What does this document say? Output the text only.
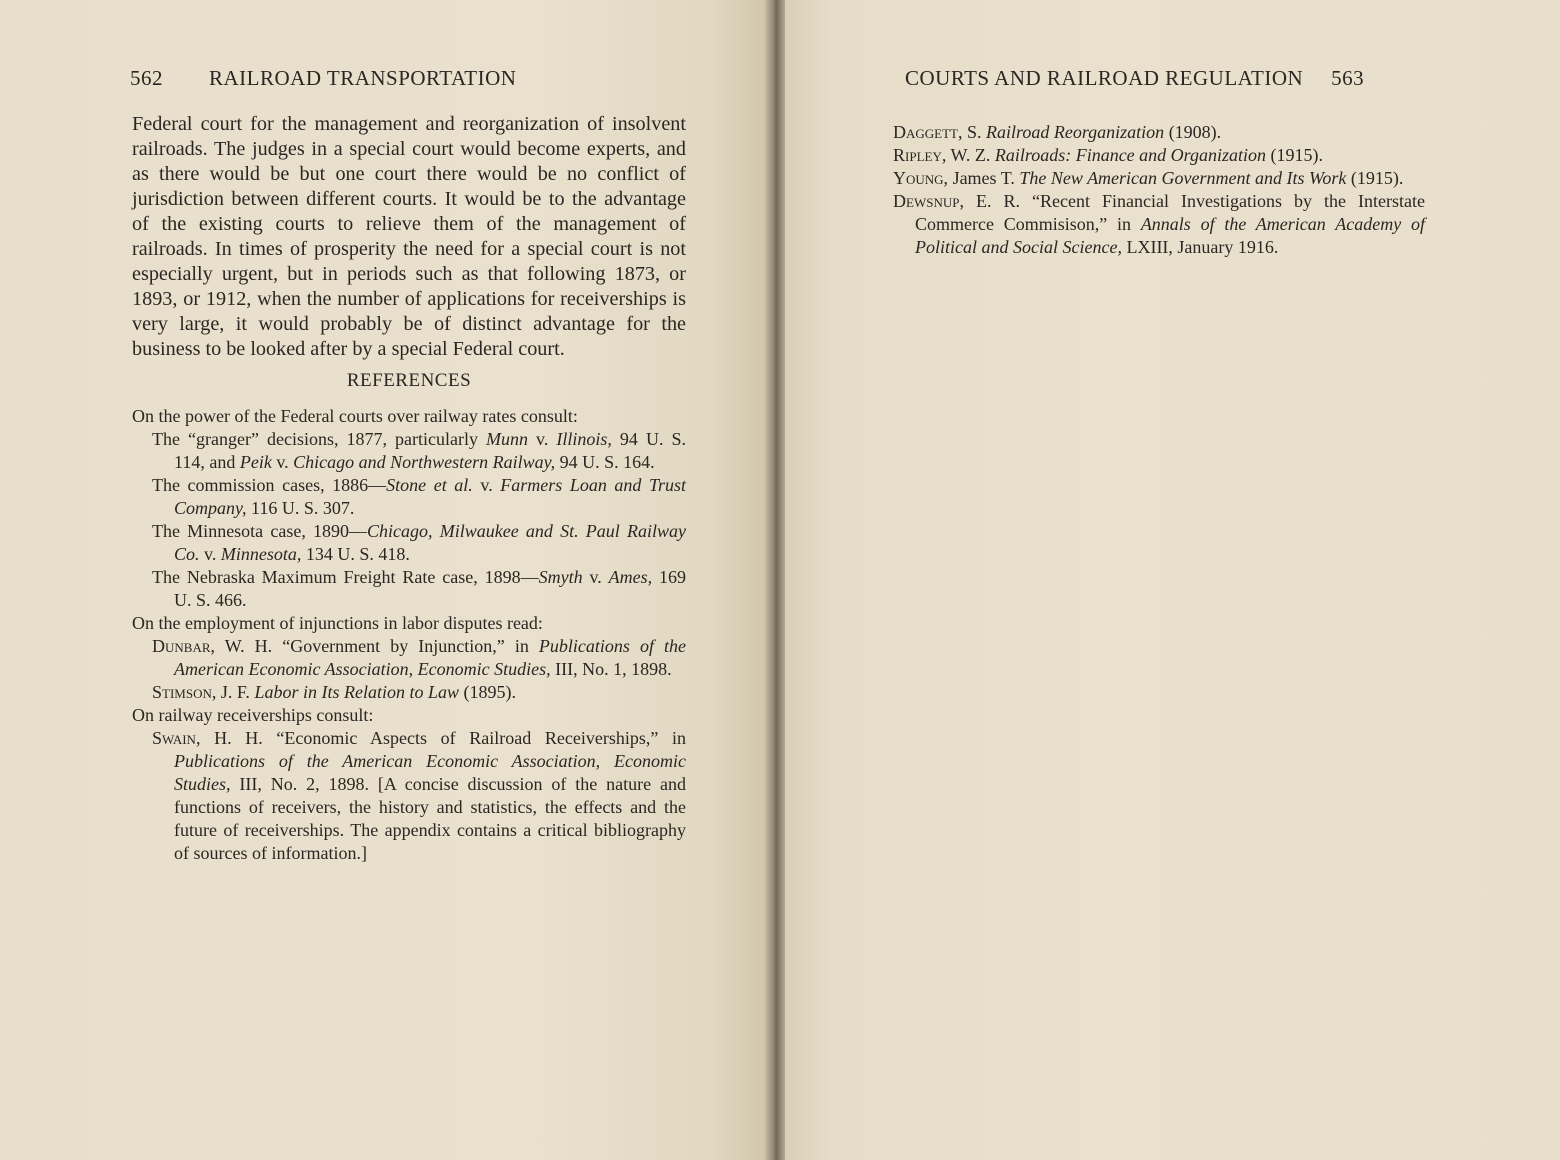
562 RAILROAD TRANSPORTATION

Federal court for the management and reorganization of insolvent railroads. The judges in a special court would become experts, and as there would be but one court there would be no conflict of jurisdiction between different courts. It would be to the advantage of the existing courts to relieve them of the management of railroads. In times of prosperity the need for a special court is not especially urgent, but in periods such as that following 1873, or 1893, or 1912, when the number of applications for receiverships is very large, it would probably be of distinct advantage for the business to be looked after by a special Federal court.

REFERENCES

On the power of the Federal courts over railway rates consult:

The “granger” decisions, 1877, particularly Munn v. Illinois, 94 U. S. 114, and Peik v. Chicago and Northwestern Railway, 94 U. S. 164.

The commission cases, 1886—Stone et al. v. Farmers Loan and Trust Company, 116 U. S. 307.

The Minnesota case, 1890—Chicago, Milwaukee and St. Paul Railway Co. v. Minnesota, 134 U. S. 418.

The Nebraska Maximum Freight Rate case, 1898—Smyth v. Ames, 169 U. S. 466.

On the employment of injunctions in labor disputes read:

Dunbar, W. H. “Government by Injunction,” in Publications of the American Economic Association, Economic Studies, III, No. 1, 1898.

Stimson, J. F. Labor in Its Relation to Law (1895).

On railway receiverships consult:

Swain, H. H. “Economic Aspects of Railroad Receiverships,” in Publications of the American Economic Association, Economic Studies, III, No. 2, 1898. [A concise discussion of the nature and functions of receivers, the history and statistics, the effects and the future of receiverships. The appendix contains a critical bibliography of sources of information.]

COURTS AND RAILROAD REGULATION 563

Daggett, S. Railroad Reorganization (1908).

Ripley, W. Z. Railroads: Finance and Organization (1915).

Young, James T. The New American Government and Its Work (1915).

Dewsnup, E. R. “Recent Financial Investigations by the Interstate Commerce Commisison,” in Annals of the American Academy of Political and Social Science, LXIII, January 1916.
